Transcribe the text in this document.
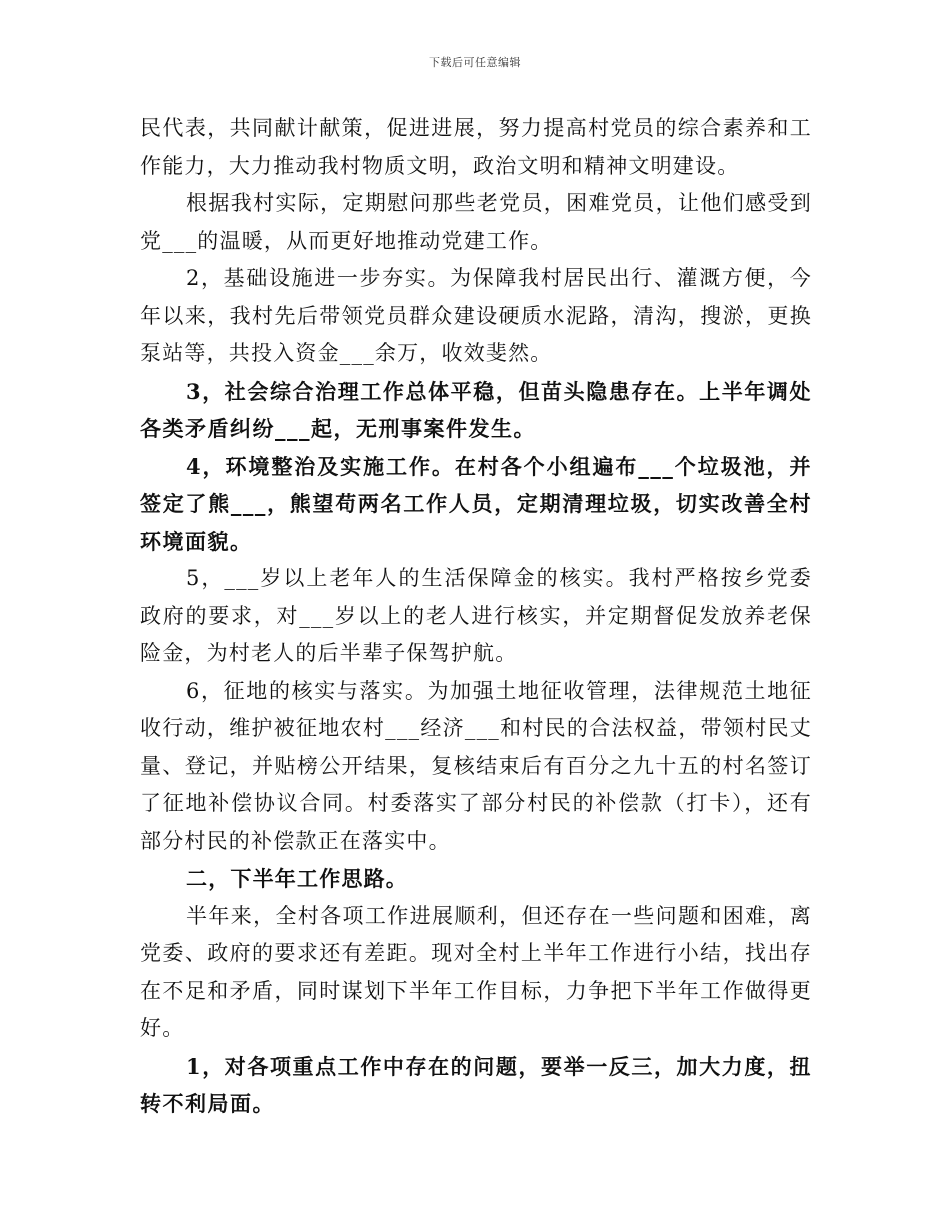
下载后可任意编辑

民代表，共同献计献策，促进进展，努力提高村党员的综合素养和工作能力，大力推动我村物质文明，政治文明和精神文明建设。

根据我村实际，定期慰问那些老党员，困难党员，让他们感受到党___的温暖，从而更好地推动党建工作。

2，基础设施进一步夯实。为保障我村居民出行、灌溉方便，今年以来，我村先后带领党员群众建设硬质水泥路，清沟，搜淤，更换泵站等，共投入资金___余万，收效斐然。

3，社会综合治理工作总体平稳，但苗头隐患存在。上半年调处各类矛盾纠纷___起，无刑事案件发生。

4，环境整治及实施工作。在村各个小组遍布___个垃圾池，并签定了熊___，熊望苟两名工作人员，定期清理垃圾，切实改善全村环境面貌。

5，___岁以上老年人的生活保障金的核实。我村严格按乡党委政府的要求，对___岁以上的老人进行核实，并定期督促发放养老保险金，为村老人的后半辈子保驾护航。

6，征地的核实与落实。为加强土地征收管理，法律规范土地征收行动，维护被征地农村___经济___和村民的合法权益，带领村民丈量、登记，并贴榜公开结果，复核结束后有百分之九十五的村名签订了征地补偿协议合同。村委落实了部分村民的补偿款（打卡），还有部分村民的补偿款正在落实中。

二，下半年工作思路。

半年来，全村各项工作进展顺利，但还存在一些问题和困难，离党委、政府的要求还有差距。现对全村上半年工作进行小结，找出存在不足和矛盾，同时谋划下半年工作目标，力争把下半年工作做得更好。

1，对各项重点工作中存在的问题，要举一反三，加大力度，扭转不利局面。
